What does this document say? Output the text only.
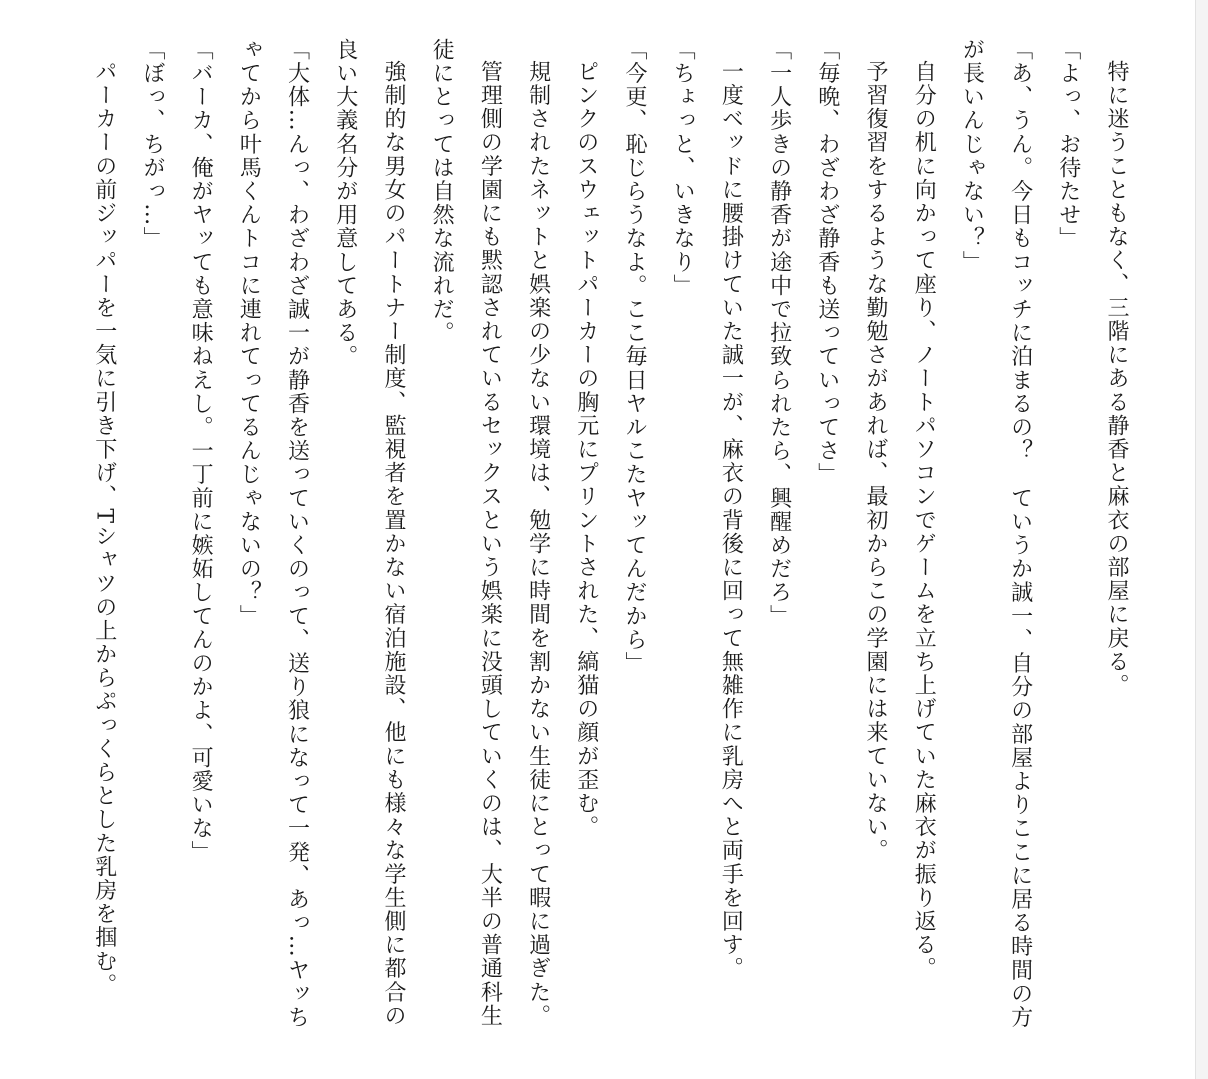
特に迷うこともなく、三階にある静香と麻衣の部屋に戻る。

「よっ、お待たせ」

「あ、うん。今日もコッチに泊まるの？　ていうか誠一、自分の部屋よりここに居る時間の方が長いんじゃない？」

自分の机に向かって座り、ノートパソコンでゲームを立ち上げていた麻衣が振り返る。

予習復習をするような勤勉さがあれば、最初からこの学園には来ていない。

「毎晩、わざわざ静香も送っていってさ」

「一人歩きの静香が途中で拉致られたら、興醒めだろ」

一度ベッドに腰掛けていた誠一が、麻衣の背後に回って無雑作に乳房へと両手を回す。

「ちょっと、いきなり」

「今更、恥じらうなよ。ここ毎日ヤルこたヤッてんだから」

ピンクのスウェットパーカーの胸元にプリントされた、縞猫の顔が歪む。

規制されたネットと娯楽の少ない環境は、勉学に時間を割かない生徒にとって暇に過ぎた。

管理側の学園にも黙認されているセックスという娯楽に没頭していくのは、大半の普通科生徒にとっては自然な流れだ。

強制的な男女のパートナー制度、監視者を置かない宿泊施設、他にも様々な学生側に都合の良い大義名分が用意してある。

「大体…んっ、わざわざ誠一が静香を送っていくのって、送り狼になって一発、あっ…ヤッちゃてから叶馬くんトコに連れてってるんじゃないの？」

「バーカ、俺がヤッても意味ねえし。一丁前に嫉妬してんのかよ、可愛いな」

「ぼっ、ちがっ…」

パーカーの前ジッパーを一気に引き下げ、Tシャツの上からぷっくらとした乳房を掴む。
